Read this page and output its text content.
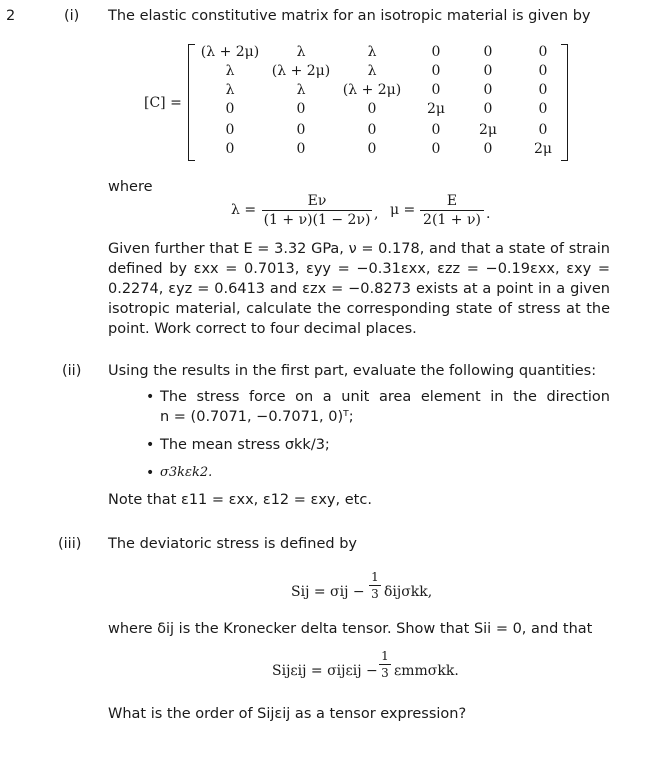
2	(i) The elastic constitutive matrix for an isotropic material is given by
[C] =
(λ + 2μ)	λ	λ	0	0	0
λ	(λ + 2μ)	λ	0	0	0
λ	λ	(λ + 2μ)	0	0	0
0	0	0	2μ	0	0
0	0	0	0	2μ	0
0	0	0	0	0	2μ
where
λ =
Eν
(1 + ν)(1 − 2ν) , μ =
E
2(1 + ν) .
Given further that E = 3.32 GPa, ν = 0.178, and that a state of strain defined by εxx = 0.7013, εyy = −0.31εxx, εzz = −0.19εxx, εxy = 0.2274, εyz = 0.6413 and εzx = −0.8273 exists at a point in a given isotropic material, calculate the corresponding state of stress at the point. Work correct to four decimal places.
(ii) Using the results in the first part, evaluate the following quantities:
• The stress force on a unit area element in the direction
n = (0.7071, −0.7071, 0)ᵀ;
• The mean stress σkk/3;
• σ3kεk2.
Note that ε11 = εxx, ε12 = εxy, etc.
(iii) The deviatoric stress is defined by
Sij = σij −
1
3 δijσkk,
where δij is the Kronecker delta tensor. Show that Sii = 0, and that
Sijεij = σijεij −
1
3 εmmσkk.
What is the order of Sijεij as a tensor expression?
